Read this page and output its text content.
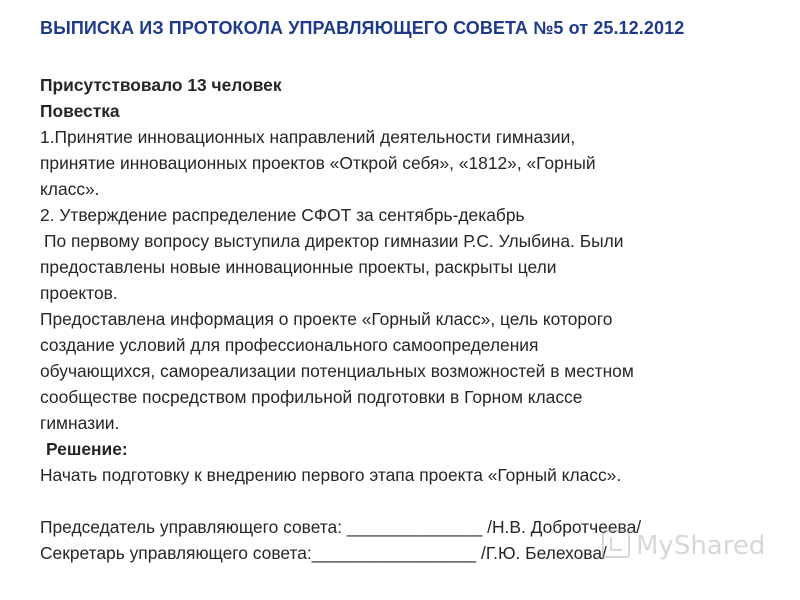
ВЫПИСКА ИЗ ПРОТОКОЛА УПРАВЛЯЮЩЕГО СОВЕТА №5 от 25.12.2012
Присутствовало 13 человек
Повестка
1.Принятие инновационных направлений деятельности гимназии,
принятие инновационных проектов «Открой себя», «1812», «Горный
класс».
2. Утверждение распределение СФОТ за сентябрь-декабрь
По первому вопросу выступила директор гимназии Р.С. Улыбина. Были
предоставлены новые инновационные проекты, раскрыты цели
проектов.
Предоставлена информация о проекте «Горный класс», цель которого
создание условий для профессионального самоопределения
обучающихся, самореализации потенциальных возможностей в местном
сообществе посредством профильной подготовки в Горном классе
гимназии.
Решение:
Начать подготовку к внедрению первого этапа проекта «Горный класс».
Председатель управляющего совета: ______________ /Н.В. Добротчеева/
Секретарь управляющего совета:_________________ /Г.Ю. Белехова/	MyShared
